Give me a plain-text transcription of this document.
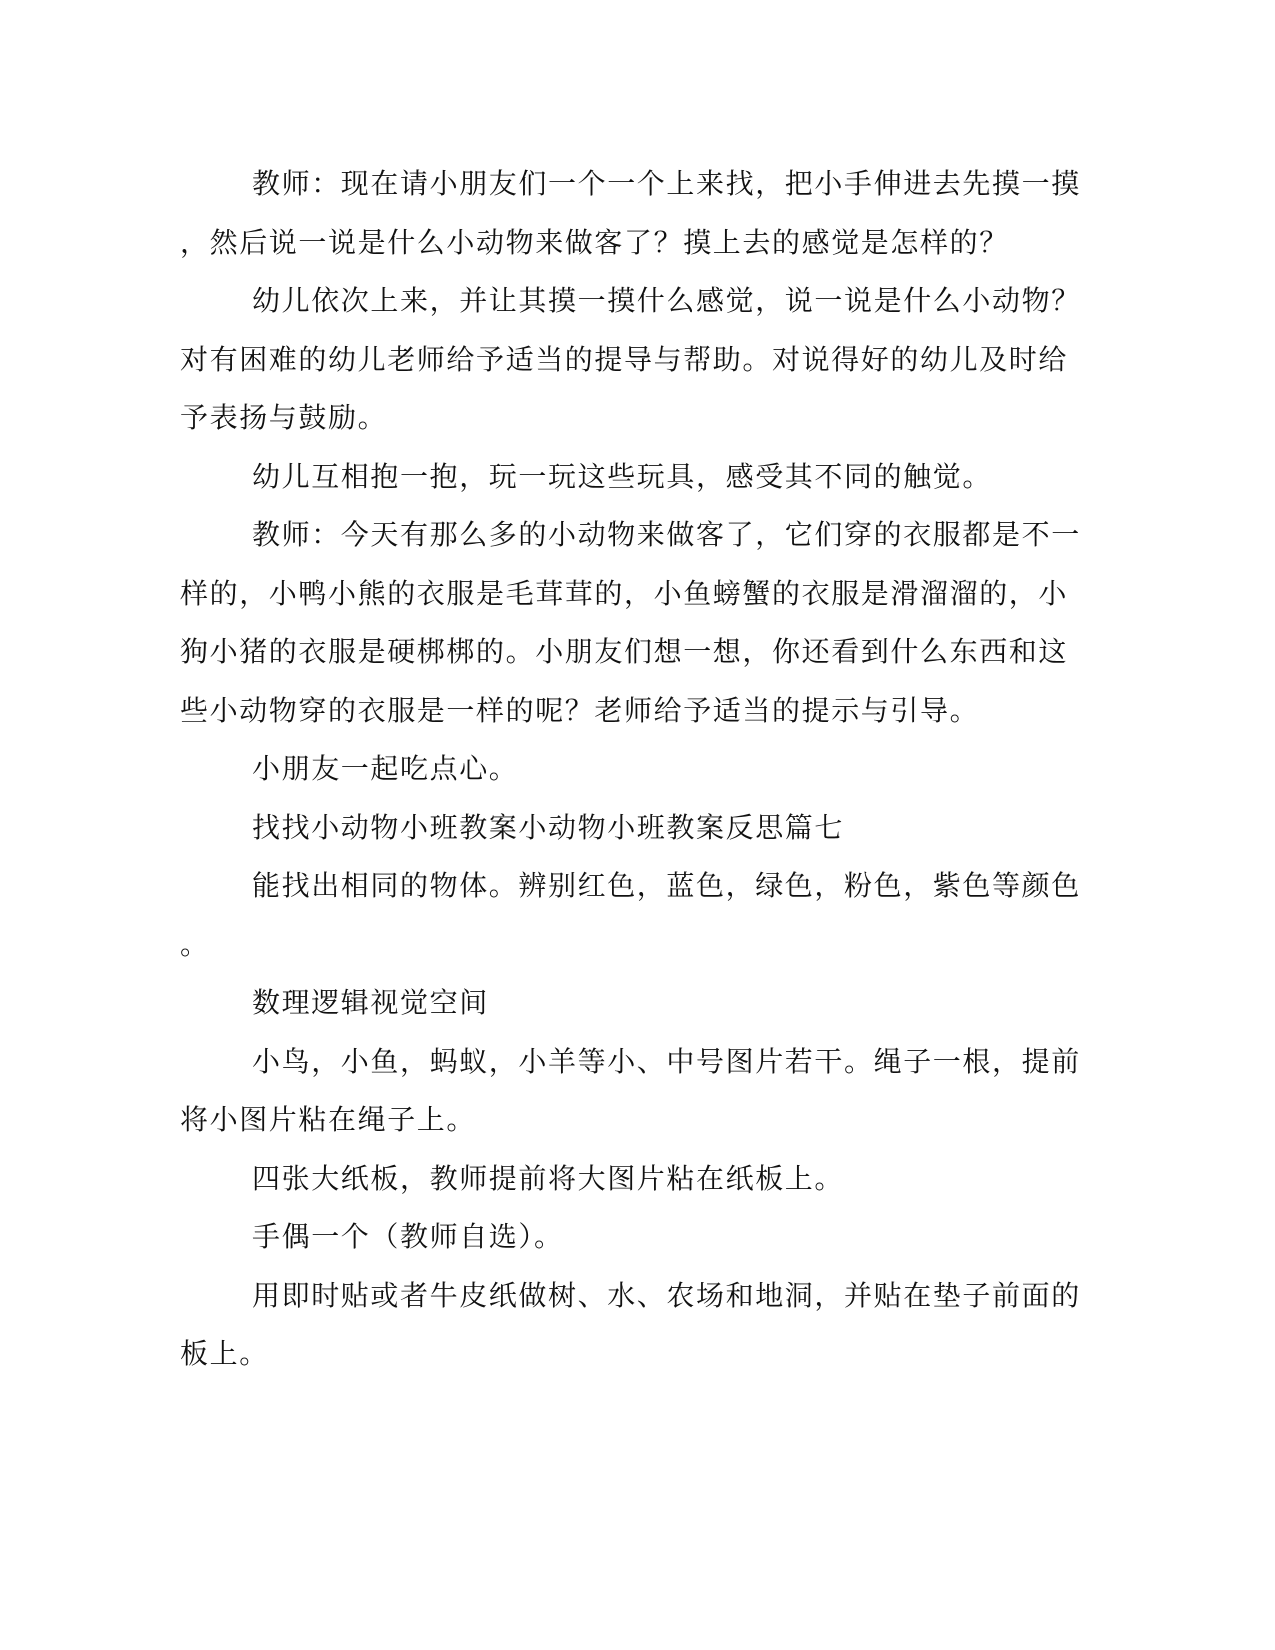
教师：现在请小朋友们一个一个上来找，把小手伸进去先摸一摸
，然后说一说是什么小动物来做客了？摸上去的感觉是怎样的？
幼儿依次上来，并让其摸一摸什么感觉，说一说是什么小动物？
对有困难的幼儿老师给予适当的提导与帮助。对说得好的幼儿及时给
予表扬与鼓励。
幼儿互相抱一抱，玩一玩这些玩具，感受其不同的触觉。
教师：今天有那么多的小动物来做客了，它们穿的衣服都是不一
样的，小鸭小熊的衣服是毛茸茸的，小鱼螃蟹的衣服是滑溜溜的，小
狗小猪的衣服是硬梆梆的。小朋友们想一想，你还看到什么东西和这
些小动物穿的衣服是一样的呢？老师给予适当的提示与引导。
小朋友一起吃点心。
找找小动物小班教案小动物小班教案反思篇七
能找出相同的物体。辨别红色，蓝色，绿色，粉色，紫色等颜色
。
数理逻辑视觉空间
小鸟，小鱼，蚂蚁，小羊等小、中号图片若干。绳子一根，提前
将小图片粘在绳子上。
四张大纸板，教师提前将大图片粘在纸板上。
手偶一个（教师自选）。
用即时贴或者牛皮纸做树、水、农场和地洞，并贴在垫子前面的
板上。
